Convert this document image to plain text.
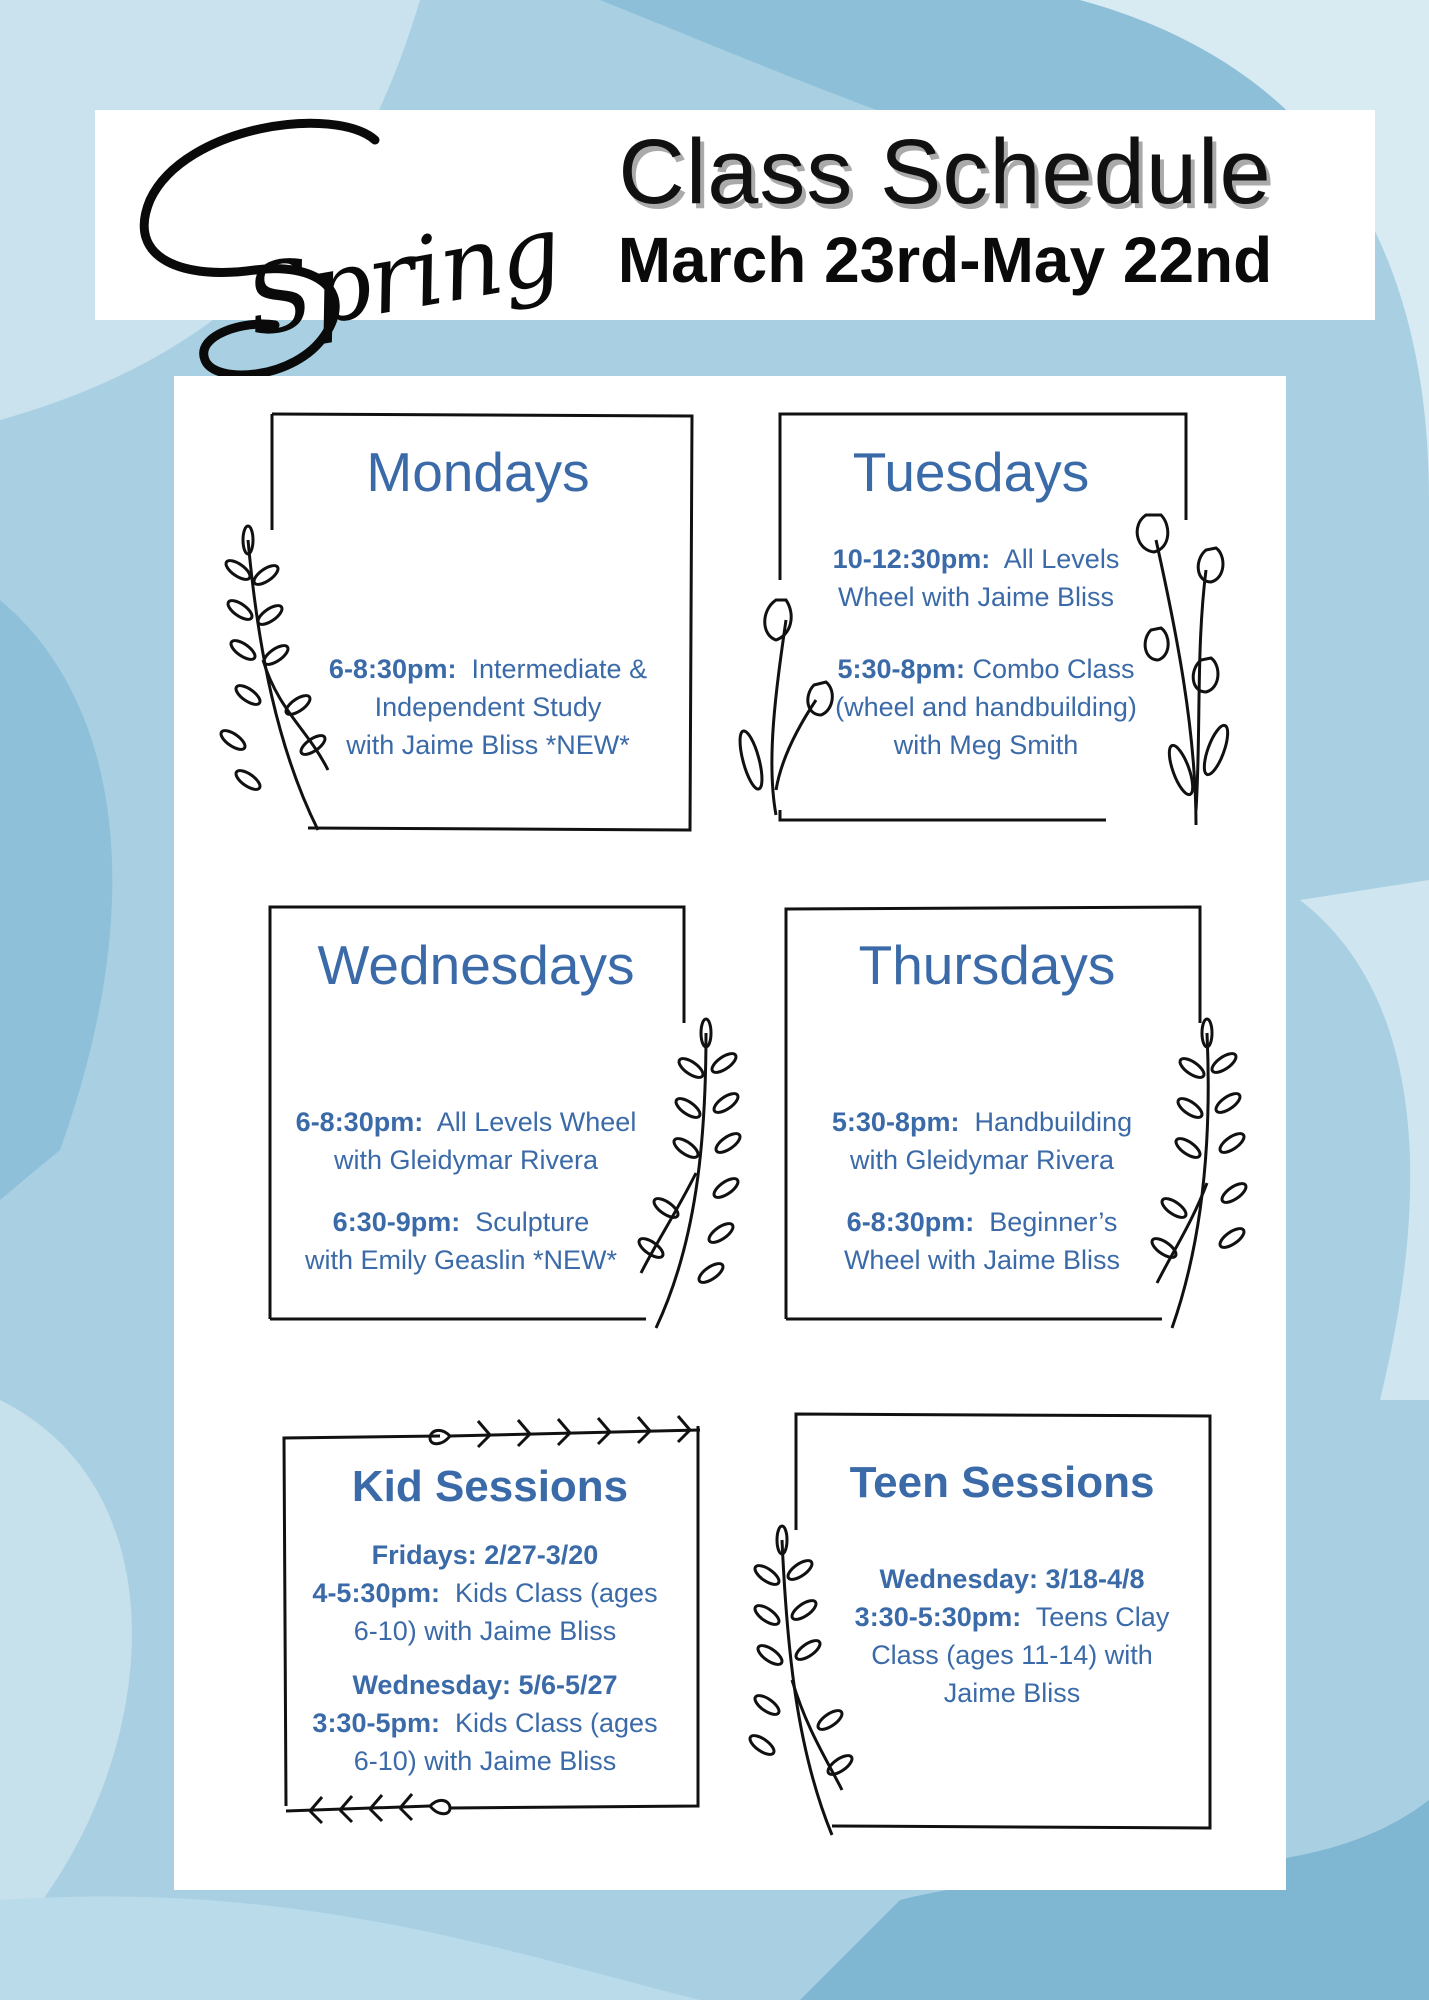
Spring
Class Schedule
March 23rd-May 22nd
Mondays
6-8:30pm: Intermediate &
Independent Study
with Jaime Bliss *NEW*
Tuesdays
10-12:30pm: All Levels
Wheel with Jaime Bliss
5:30-8pm: Combo Class
(wheel and handbuilding)
with Meg Smith
Wednesdays
6-8:30pm: All Levels Wheel
with Gleidymar Rivera
6:30-9pm: Sculpture
with Emily Geaslin *NEW*
Thursdays
5:30-8pm: Handbuilding
with Gleidymar Rivera
6-8:30pm: Beginner’s
Wheel with Jaime Bliss
Kid Sessions
Fridays: 2/27-3/20
4-5:30pm: Kids Class (ages
6-10) with Jaime Bliss
Wednesday: 5/6-5/27
3:30-5pm: Kids Class (ages
6-10) with Jaime Bliss
Teen Sessions
Wednesday: 3/18-4/8
3:30-5:30pm: Teens Clay
Class (ages 11-14) with
Jaime Bliss
